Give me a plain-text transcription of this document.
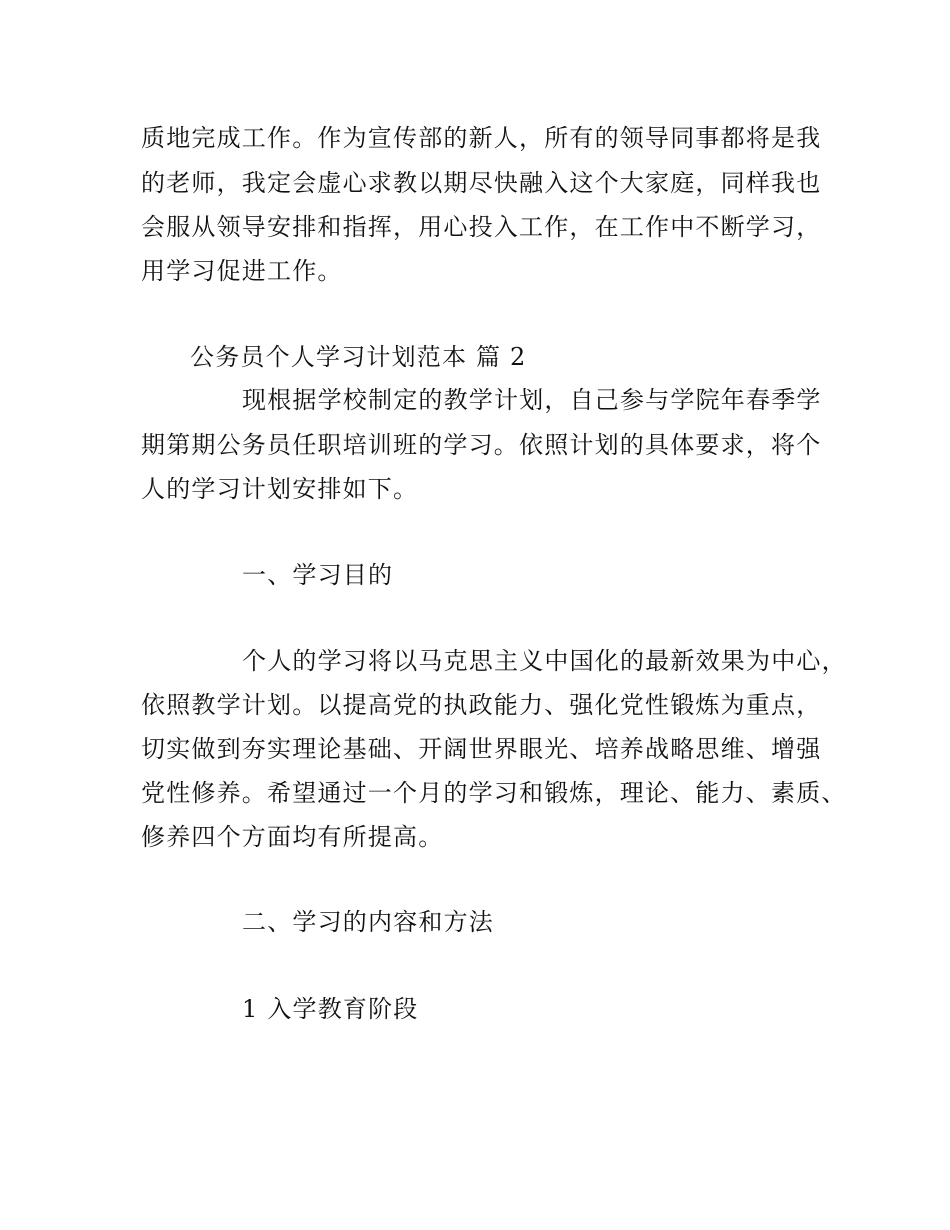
质地完成工作。作为宣传部的新人，所有的领导同事都将是我
的老师，我定会虚心求教以期尽快融入这个大家庭，同样我也
会服从领导安排和指挥，用心投入工作，在工作中不断学习，
用学习促进工作。
公务员个人学习计划范本 篇 2
现根据学校制定的教学计划，自己参与学院年春季学
期第期公务员任职培训班的学习。依照计划的具体要求，将个
人的学习计划安排如下。
一、学习目的
个人的学习将以马克思主义中国化的最新效果为中心，
依照教学计划。以提高党的执政能力、强化党性锻炼为重点，
切实做到夯实理论基础、开阔世界眼光、培养战略思维、增强
党性修养。希望通过一个月的学习和锻炼，理论、能力、素质、
修养四个方面均有所提高。
二、学习的内容和方法
1 入学教育阶段
